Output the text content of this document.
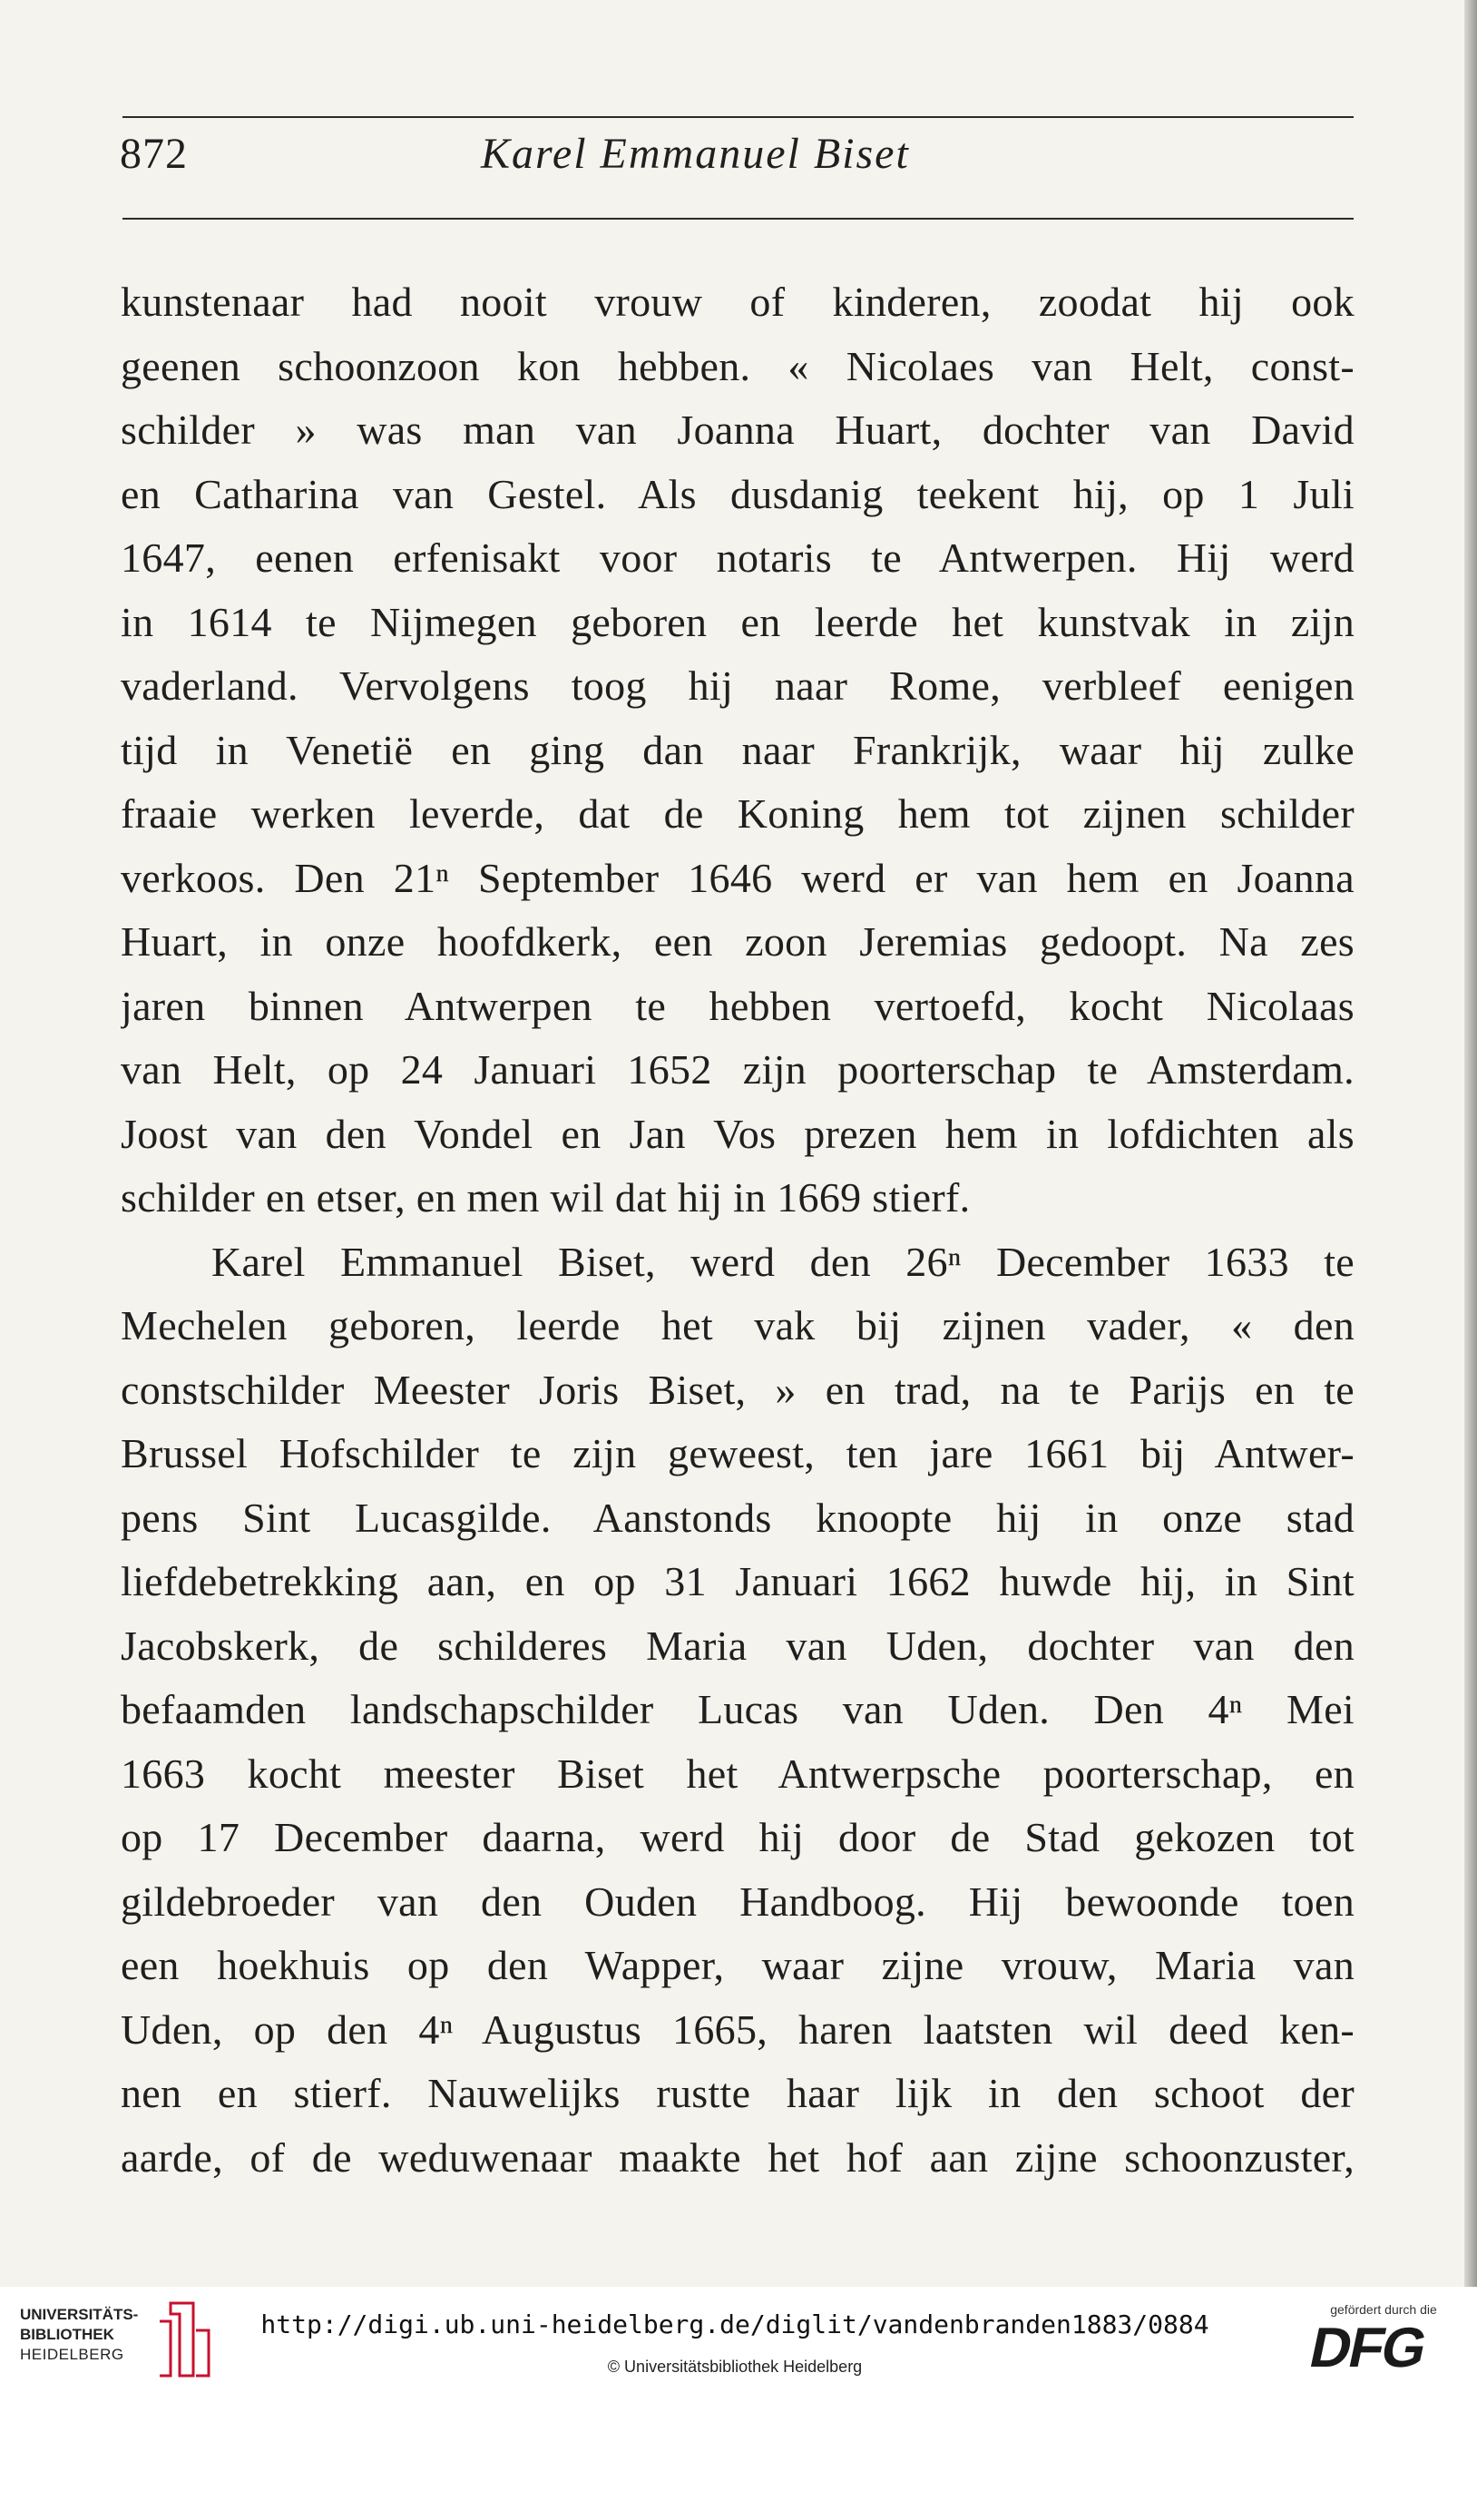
872	Karel Emmanuel Biset
kunstenaar had nooit vrouw of kinderen, zoodat hij ook
geenen schoonzoon kon hebben. « Nicolaes van Helt, const-
schilder » was man van Joanna Huart, dochter van David
en Catharina van Gestel. Als dusdanig teekent hij, op 1 Juli
1647, eenen erfenisakt voor notaris te Antwerpen. Hij werd
in 1614 te Nijmegen geboren en leerde het kunstvak in zijn
vaderland. Vervolgens toog hij naar Rome, verbleef eenigen
tijd in Venetië en ging dan naar Frankrijk, waar hij zulke
fraaie werken leverde, dat de Koning hem tot zijnen schilder
verkoos. Den 21ⁿ September 1646 werd er van hem en Joanna
Huart, in onze hoofdkerk, een zoon Jeremias gedoopt. Na zes
jaren binnen Antwerpen te hebben vertoefd, kocht Nicolaas
van Helt, op 24 Januari 1652 zijn poorterschap te Amsterdam.
Joost van den Vondel en Jan Vos prezen hem in lofdichten als
schilder en etser, en men wil dat hij in 1669 stierf.
Karel Emmanuel Biset, werd den 26ⁿ December 1633 te
Mechelen geboren, leerde het vak bij zijnen vader, « den
constschilder Meester Joris Biset, » en trad, na te Parijs en te
Brussel Hofschilder te zijn geweest, ten jare 1661 bij Antwer-
pens Sint Lucasgilde. Aanstonds knoopte hij in onze stad
liefdebetrekking aan, en op 31 Januari 1662 huwde hij, in Sint
Jacobskerk, de schilderes Maria van Uden, dochter van den
befaamden landschapschilder Lucas van Uden. Den 4ⁿ Mei
1663 kocht meester Biset het Antwerpsche poorterschap, en
op 17 December daarna, werd hij door de Stad gekozen tot
gildebroeder van den Ouden Handboog. Hij bewoonde toen
een hoekhuis op den Wapper, waar zijne vrouw, Maria van
Uden, op den 4ⁿ Augustus 1665, haren laatsten wil deed ken-
nen en stierf. Nauwelijks rustte haar lijk in den schoot der
aarde, of de weduwenaar maakte het hof aan zijne schoonzuster,
UNIVERSITÄTS-
BIBLIOTHEK
HEIDELBERG
http://digi.ub.uni-heidelberg.de/diglit/vandenbranden1883/0884
© Universitätsbibliothek Heidelberg
gefördert durch die
DFG
